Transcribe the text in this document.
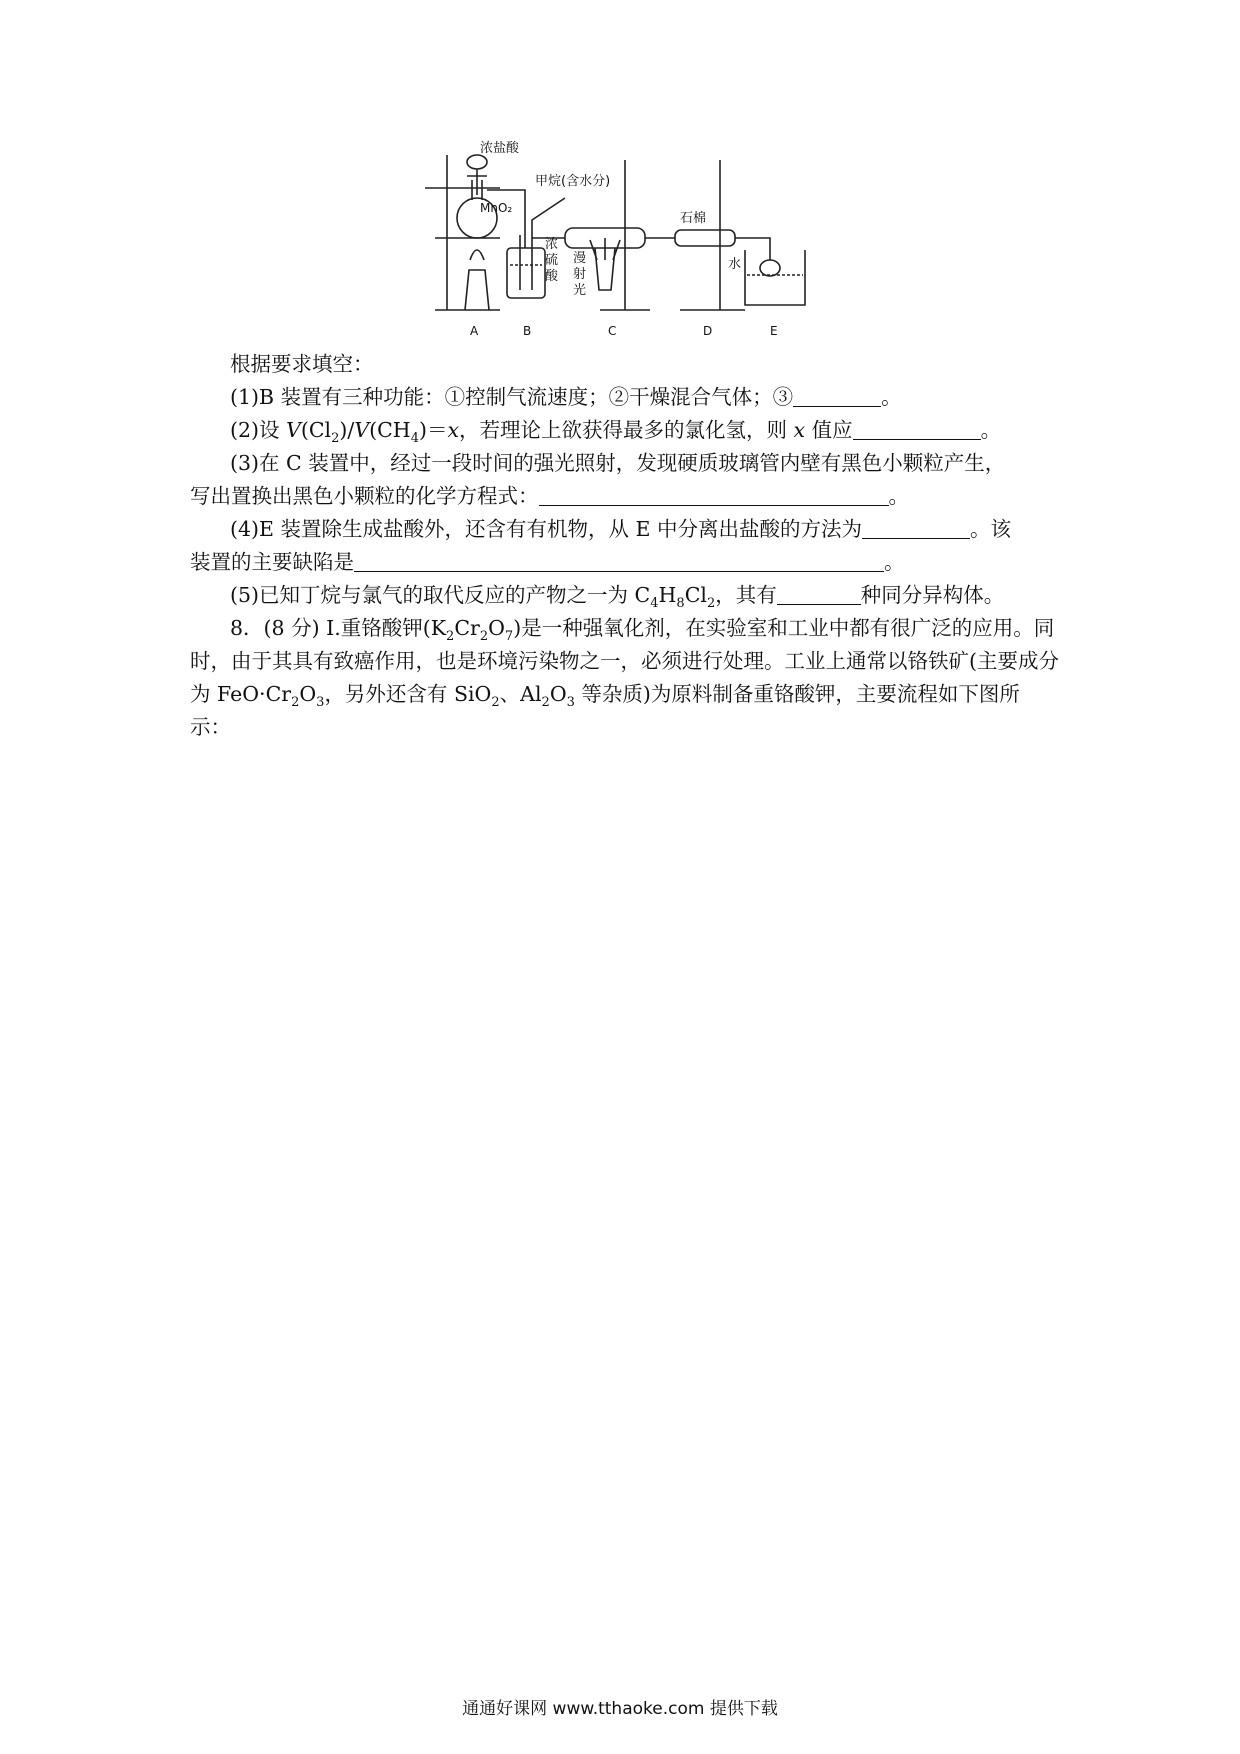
浓盐酸
甲烷(含水分)
MnO₂
浓
硫
酸
漫
射
光
石棉
水
A	B	C	D	E

根据要求填空：

(1)B 装置有三种功能：①控制气流速度；②干燥混合气体；③	。

(2)设 $V(Cl_2)/V(CH_4)=x$，若理论上欲获得最多的氯化氢，则 x 值应	。

(3)在 C 装置中，经过一段时间的强光照射，发现硬质玻璃管内壁有黑色小颗粒产生，

写出置换出黑色小颗粒的化学方程式：	。

(4)E 装置除生成盐酸外，还含有有机物，从 E 中分离出盐酸的方法为	。该

装置的主要缺陷是	。

(5)已知丁烷与氯气的取代反应的产物之一为 $C_4H_8Cl_2$，其有	种同分异构体。

8．(8 分) Ⅰ.重铬酸钾$(K_2Cr_2O_7)$是一种强氧化剂，在实验室和工业中都有很广泛的应用。同时，由于其具有致癌作用，也是环境污染物之一，必须进行处理。工业上通常以铬铁矿(主要成分为 $FeO\cdot Cr_2O_3$，另外还含有 SiO$_2$、$Al_2O_3$ 等杂质)为原料制备重铬酸钾，主要流程如下图所示：

通通好课网 www.tthaoke.com 提供下载
